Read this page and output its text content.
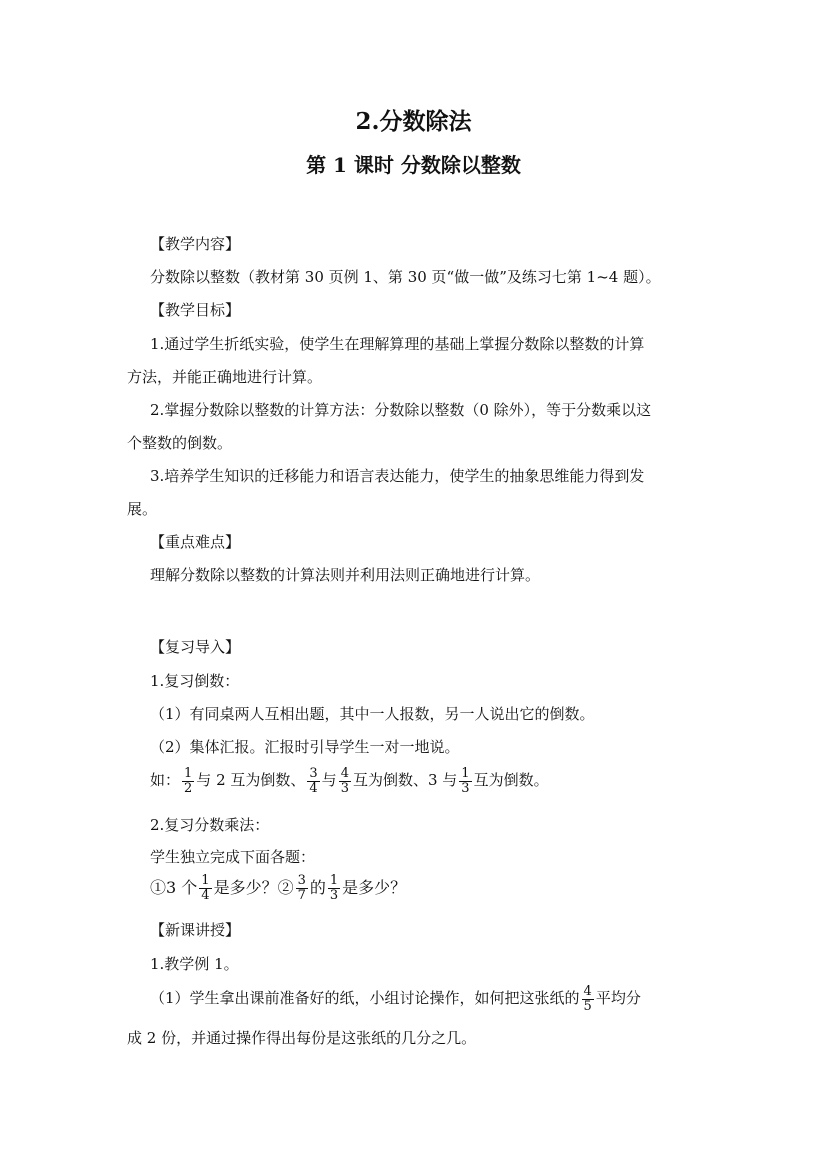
2.分数除法
第 1 课时 分数除以整数
【教学内容】
分数除以整数（教材第 30 页例 1、第 30 页“做一做”及练习七第 1~4 题）。
【教学目标】
1.通过学生折纸实验，使学生在理解算理的基础上掌握分数除以整数的计算
方法，并能正确地进行计算。
2.掌握分数除以整数的计算方法：分数除以整数（0 除外），等于分数乘以这
个整数的倒数。
3.培养学生知识的迁移能力和语言表达能力，使学生的抽象思维能力得到发
展。
【重点难点】
理解分数除以整数的计算法则并利用法则正确地进行计算。
【复习导入】
1.复习倒数：
（1）有同桌两人互相出题，其中一人报数，另一人说出它的倒数。
（2）集体汇报。汇报时引导学生一对一地说。
如： $\frac{1}{2}$ 与 2 互为倒数、 $\frac{3}{4}$ 与 $\frac{4}{3}$ 互为倒数、3 与 $\frac{1}{3}$ 互为倒数。
2.复习分数乘法：
学生独立完成下面各题：
①3 个 $\frac{1}{4}$ 是多少？② $\frac{3}{7}$ 的 $\frac{1}{3}$ 是多少？
【新课讲授】
1.教学例 1。
（1）学生拿出课前准备好的纸，小组讨论操作，如何把这张纸的 $\frac{4}{5}$ 平均分
成 2 份，并通过操作得出每份是这张纸的几分之几。
